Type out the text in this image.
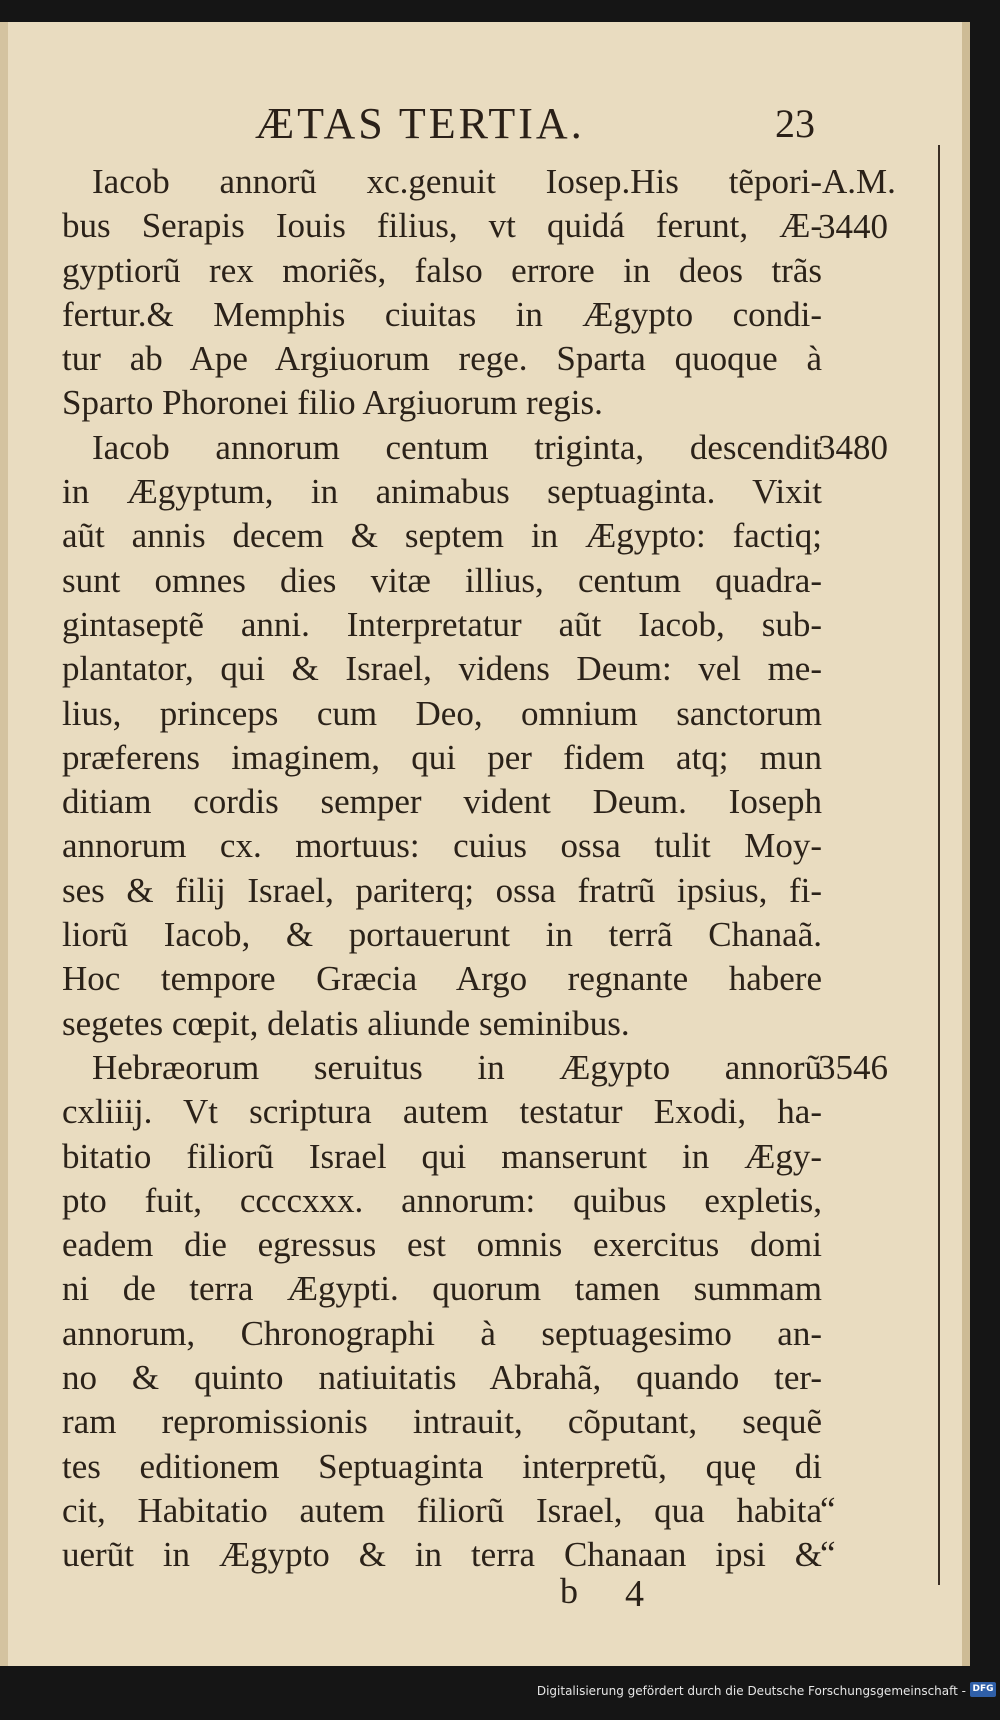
ÆTAS TERTIA.	23
Iacob annorũ xc.genuit Iosep.His tẽpori-
bus Serapis Iouis filius, vt quidá ferunt, Æ-
gyptiorũ rex moriẽs, falso errore in deos trãs
fertur.& Memphis ciuitas in Ægypto condi-
tur ab Ape Argiuorum rege. Sparta quoque à
Sparto Phoronei filio Argiuorum regis.
Iacob annorum centum triginta, descendit
in Ægyptum, in animabus septuaginta. Vixit
aũt annis decem & septem in Ægypto: factiq;
sunt omnes dies vitæ illius, centum quadra-
gintaseptẽ anni. Interpretatur aũt Iacob, sub-
plantator, qui & Israel, videns Deum: vel me-
lius, princeps cum Deo, omnium sanctorum
præferens imaginem, qui per fidem atq; mun
ditiam cordis semper vident Deum. Ioseph
annorum cx. mortuus: cuius ossa tulit Moy-
ses & filij Israel, pariterq; ossa fratrũ ipsius, fi-
liorũ Iacob, & portauerunt in terrã Chanaã.
Hoc tempore Græcia Argo regnante habere
segetes cœpit, delatis aliunde seminibus.
Hebræorum seruitus in Ægypto annorũ
cxliiij. Vt scriptura autem testatur Exodi, ha-
bitatio filiorũ Israel qui manserunt in Ægy-
pto fuit, ccccxxx. annorum: quibus expletis,
eadem die egressus est omnis exercitus domi
ni de terra Ægypti. quorum tamen summam
annorum, Chronographi à septuagesimo an-
no & quinto natiuitatis Abrahã, quando ter-
ram repromissionis intrauit, cõputant, sequẽ
tes editionem Septuaginta interpretũ, quę di
cit, Habitatio autem filiorũ Israel, qua habita
uerũt in Ægypto & in terra Chanaan ipsi &
A.M.
3440
3480
3546
“
“
b 4
Digitalisierung gefördert durch die Deutsche Forschungsgemeinschaft - DFG
